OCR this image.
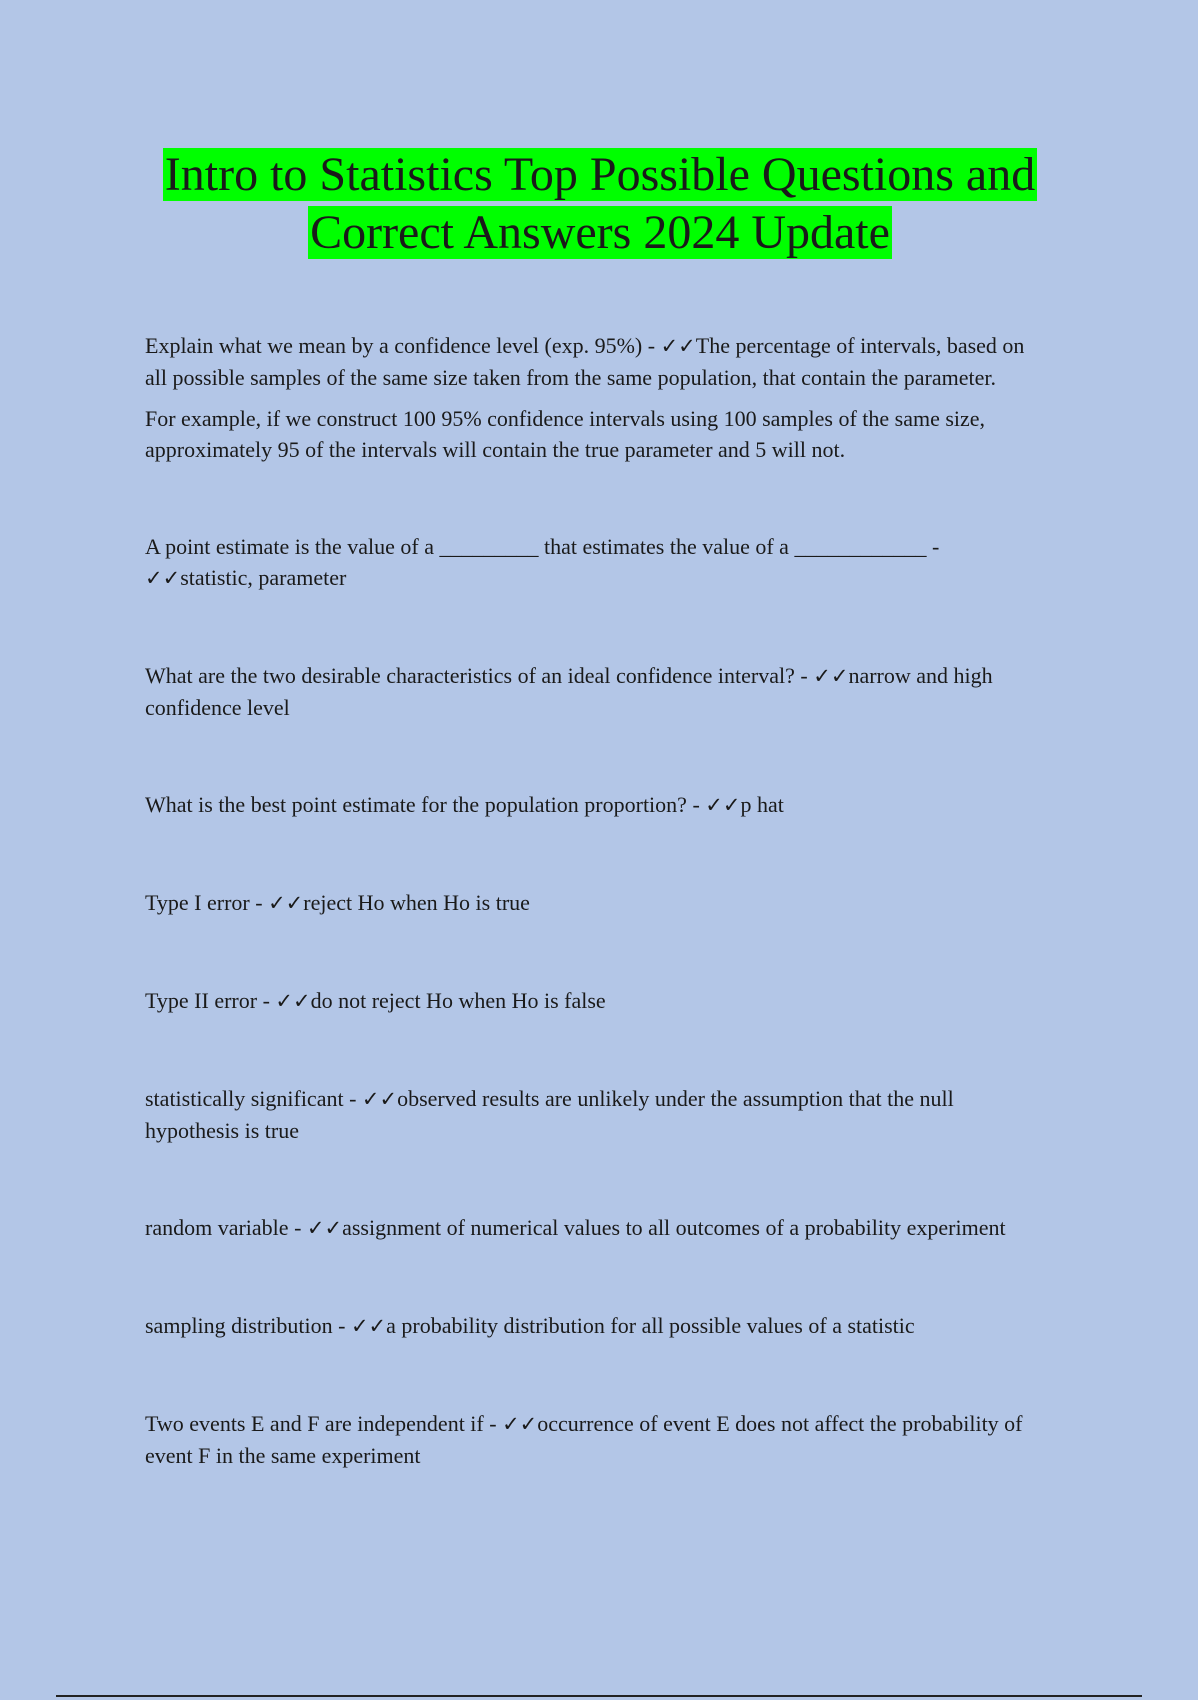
Intro to Statistics Top Possible Questions and
Correct Answers 2024 Update

Explain what we mean by a confidence level (exp. 95%) - ✓✓The percentage of intervals, based on all possible samples of the same size taken from the same population, that contain the parameter.

For example, if we construct 100 95% confidence intervals using 100 samples of the same size, approximately 95 of the intervals will contain the true parameter and 5 will not.

A point estimate is the value of a _________ that estimates the value of a ____________ - ✓✓statistic, parameter

What are the two desirable characteristics of an ideal confidence interval? - ✓✓narrow and high confidence level

What is the best point estimate for the population proportion? - ✓✓p hat

Type I error - ✓✓reject Ho when Ho is true

Type II error - ✓✓do not reject Ho when Ho is false

statistically significant - ✓✓observed results are unlikely under the assumption that the null hypothesis is true

random variable - ✓✓assignment of numerical values to all outcomes of a probability experiment

sampling distribution - ✓✓a probability distribution for all possible values of a statistic

Two events E and F are independent if - ✓✓occurrence of event E does not affect the probability of event F in the same experiment
